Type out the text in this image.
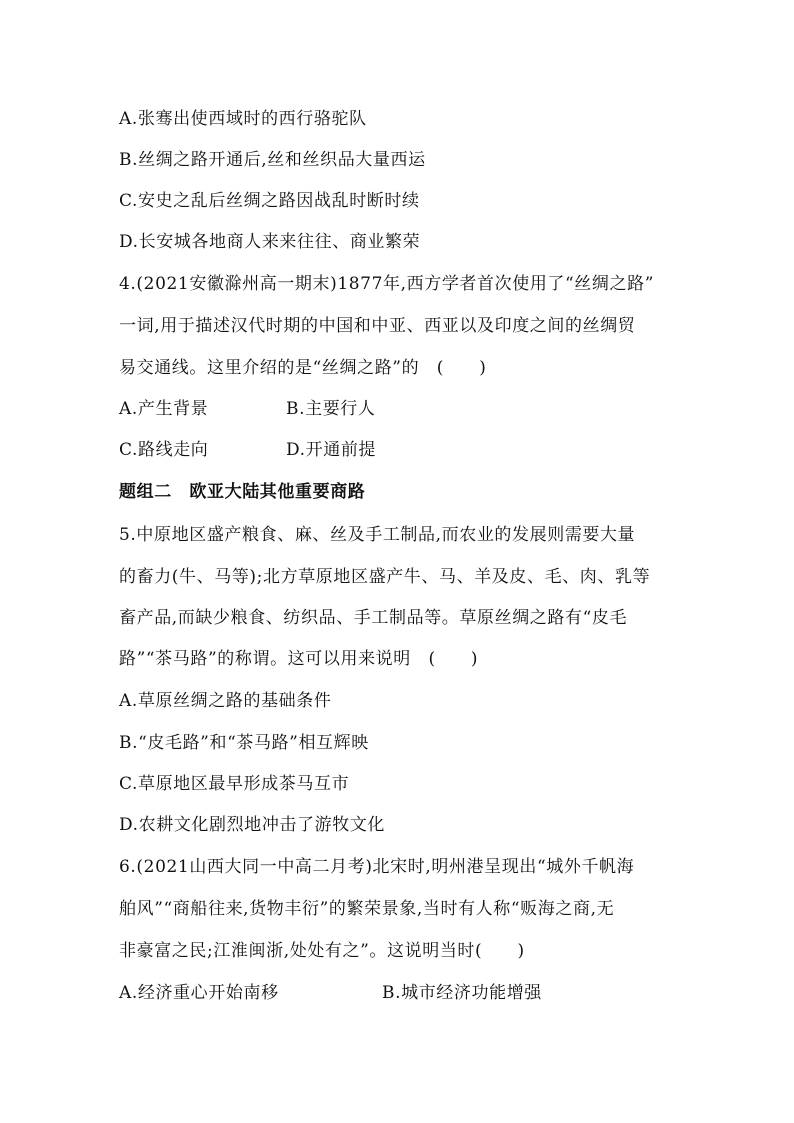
A.张骞出使西域时的西行骆驼队
B.丝绸之路开通后,丝和丝织品大量西运
C.安史之乱后丝绸之路因战乱时断时续
D.长安城各地商人来来往往、商业繁荣
4.(2021安徽滁州高一期末)1877年,西方学者首次使用了“丝绸之路”
一词,用于描述汉代时期的中国和中亚、西亚以及印度之间的丝绸贸
易交通线。这里介绍的是“丝绸之路”的　(　　)
A.产生背景	B.主要行人
C.路线走向	D.开通前提
题组二　欧亚大陆其他重要商路
5.中原地区盛产粮食、麻、丝及手工制品,而农业的发展则需要大量
的畜力(牛、马等);北方草原地区盛产牛、马、羊及皮、毛、肉、乳等
畜产品,而缺少粮食、纺织品、手工制品等。草原丝绸之路有“皮毛
路”“茶马路”的称谓。这可以用来说明　(　　)
A.草原丝绸之路的基础条件
B.“皮毛路”和“茶马路”相互辉映
C.草原地区最早形成茶马互市
D.农耕文化剧烈地冲击了游牧文化
6.(2021山西大同一中高二月考)北宋时,明州港呈现出“城外千帆海
舶风”“商船往来,货物丰衍”的繁荣景象,当时有人称“贩海之商,无
非豪富之民;江淮闽浙,处处有之”。这说明当时(　　)
A.经济重心开始南移	B.城市经济功能增强
